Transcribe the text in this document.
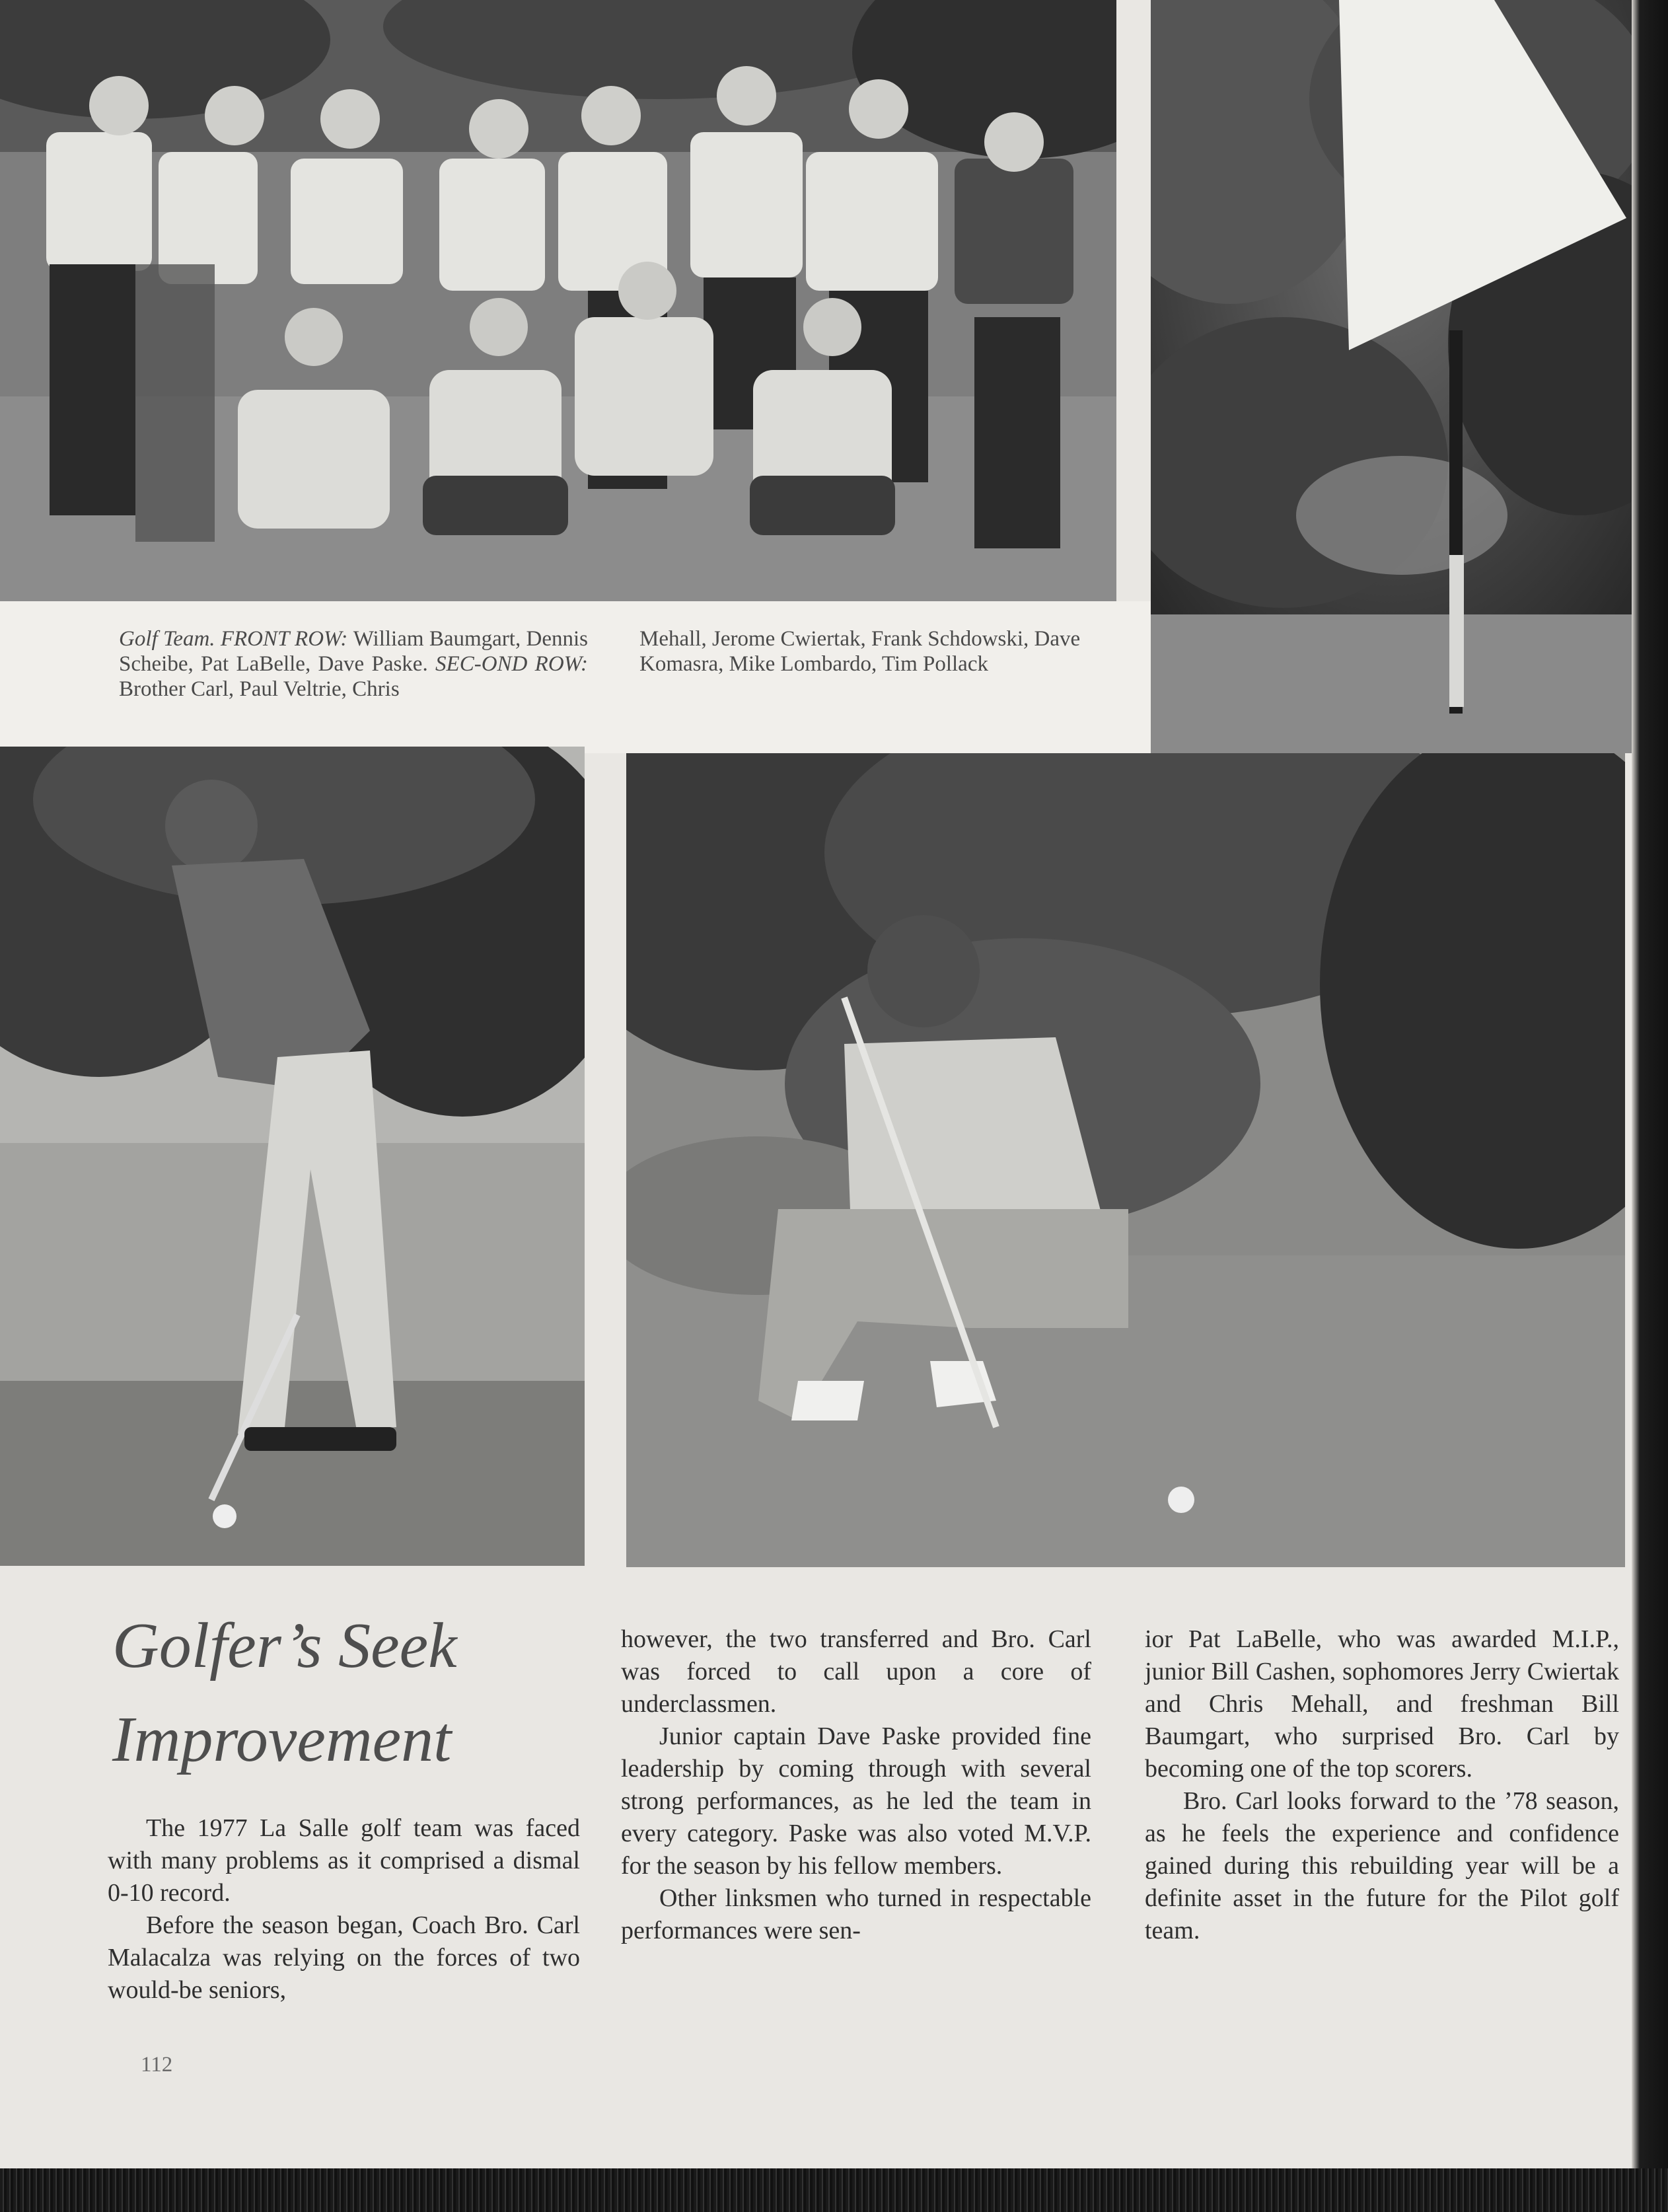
Golf Team. FRONT ROW: William Baumgart, Dennis Scheibe, Pat LaBelle, Dave Paske. SEC-OND ROW: Brother Carl, Paul Veltrie, Chris

Mehall, Jerome Cwiertak, Frank Schdowski, Dave Komasra, Mike Lombardo, Tim Pollack

Golfer’s Seek
Improvement

The 1977 La Salle golf team was faced with many problems as it comprised a dismal 0-10 record.

Before the season began, Coach Bro. Carl Malacalza was relying on the forces of two would-be seniors,

however, the two transferred and Bro. Carl was forced to call upon a core of underclassmen.

Junior captain Dave Paske provided fine leadership by coming through with several strong performances, as he led the team in every category. Paske was also voted M.V.P. for the season by his fellow members.

Other linksmen who turned in respectable performances were sen-

ior Pat LaBelle, who was awarded M.I.P., junior Bill Cashen, sophomores Jerry Cwiertak and Chris Mehall, and freshman Bill Baumgart, who surprised Bro. Carl by becoming one of the top scorers.

Bro. Carl looks forward to the ’78 season, as he feels the experience and confidence gained during this rebuilding year will be a definite asset in the future for the Pilot golf team.

112
